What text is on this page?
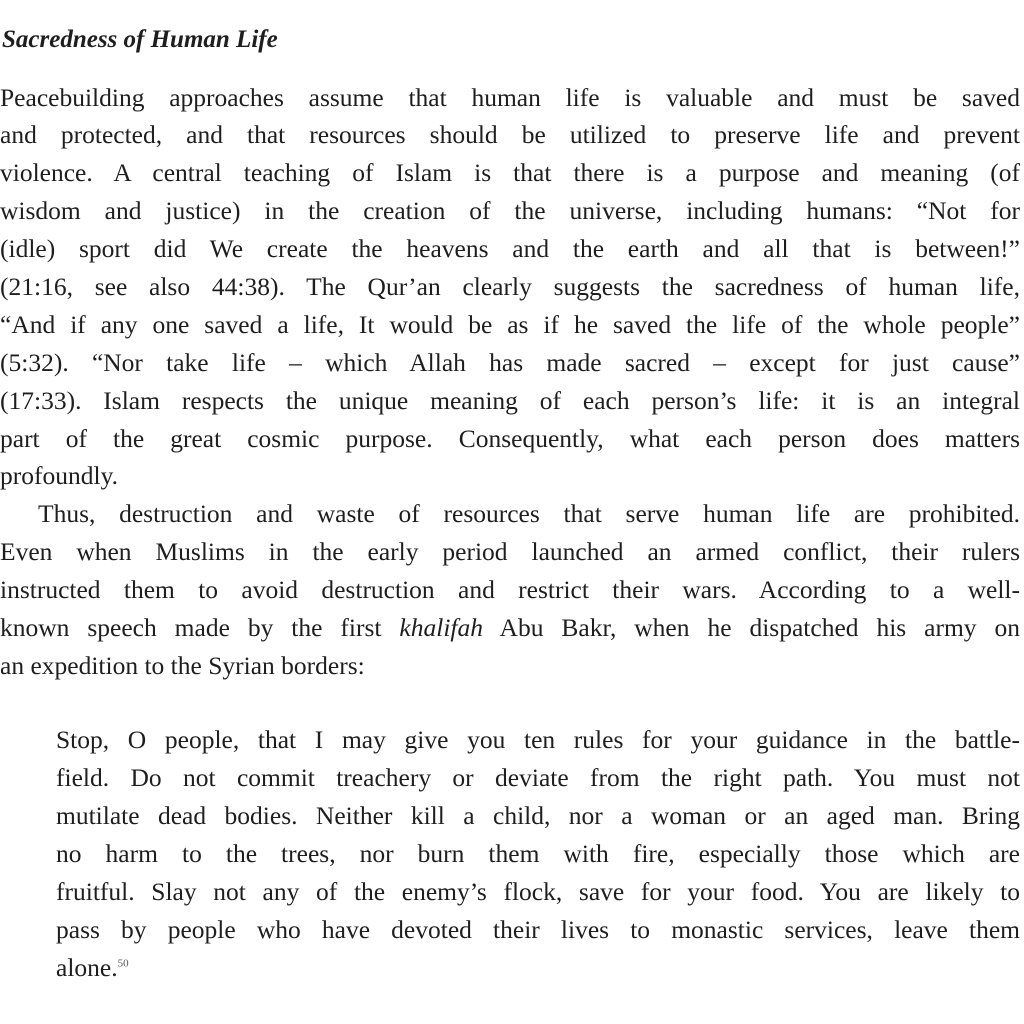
Sacredness of Human Life
Peacebuilding approaches assume that human life is valuable and must be saved
and protected, and that resources should be utilized to preserve life and prevent
violence. A central teaching of Islam is that there is a purpose and meaning (of
wisdom and justice) in the creation of the universe, including humans: “Not for
(idle) sport did We create the heavens and the earth and all that is between!”
(21:16, see also 44:38). The Qur’an clearly suggests the sacredness of human life,
“And if any one saved a life, It would be as if he saved the life of the whole people”
(5:32). “Nor take life – which Allah has made sacred – except for just cause”
(17:33). Islam respects the unique meaning of each person’s life: it is an integral
part of the great cosmic purpose. Consequently, what each person does matters
profoundly.
Thus, destruction and waste of resources that serve human life are prohibited.
Even when Muslims in the early period launched an armed conflict, their rulers
instructed them to avoid destruction and restrict their wars. According to a well-
known speech made by the first khalifah Abu Bakr, when he dispatched his army on
an expedition to the Syrian borders:
Stop, O people, that I may give you ten rules for your guidance in the battle-
field. Do not commit treachery or deviate from the right path. You must not
mutilate dead bodies. Neither kill a child, nor a woman or an aged man. Bring
no harm to the trees, nor burn them with fire, especially those which are
fruitful. Slay not any of the enemy’s flock, save for your food. You are likely to
pass by people who have devoted their lives to monastic services, leave them
alone.$^{50}$
